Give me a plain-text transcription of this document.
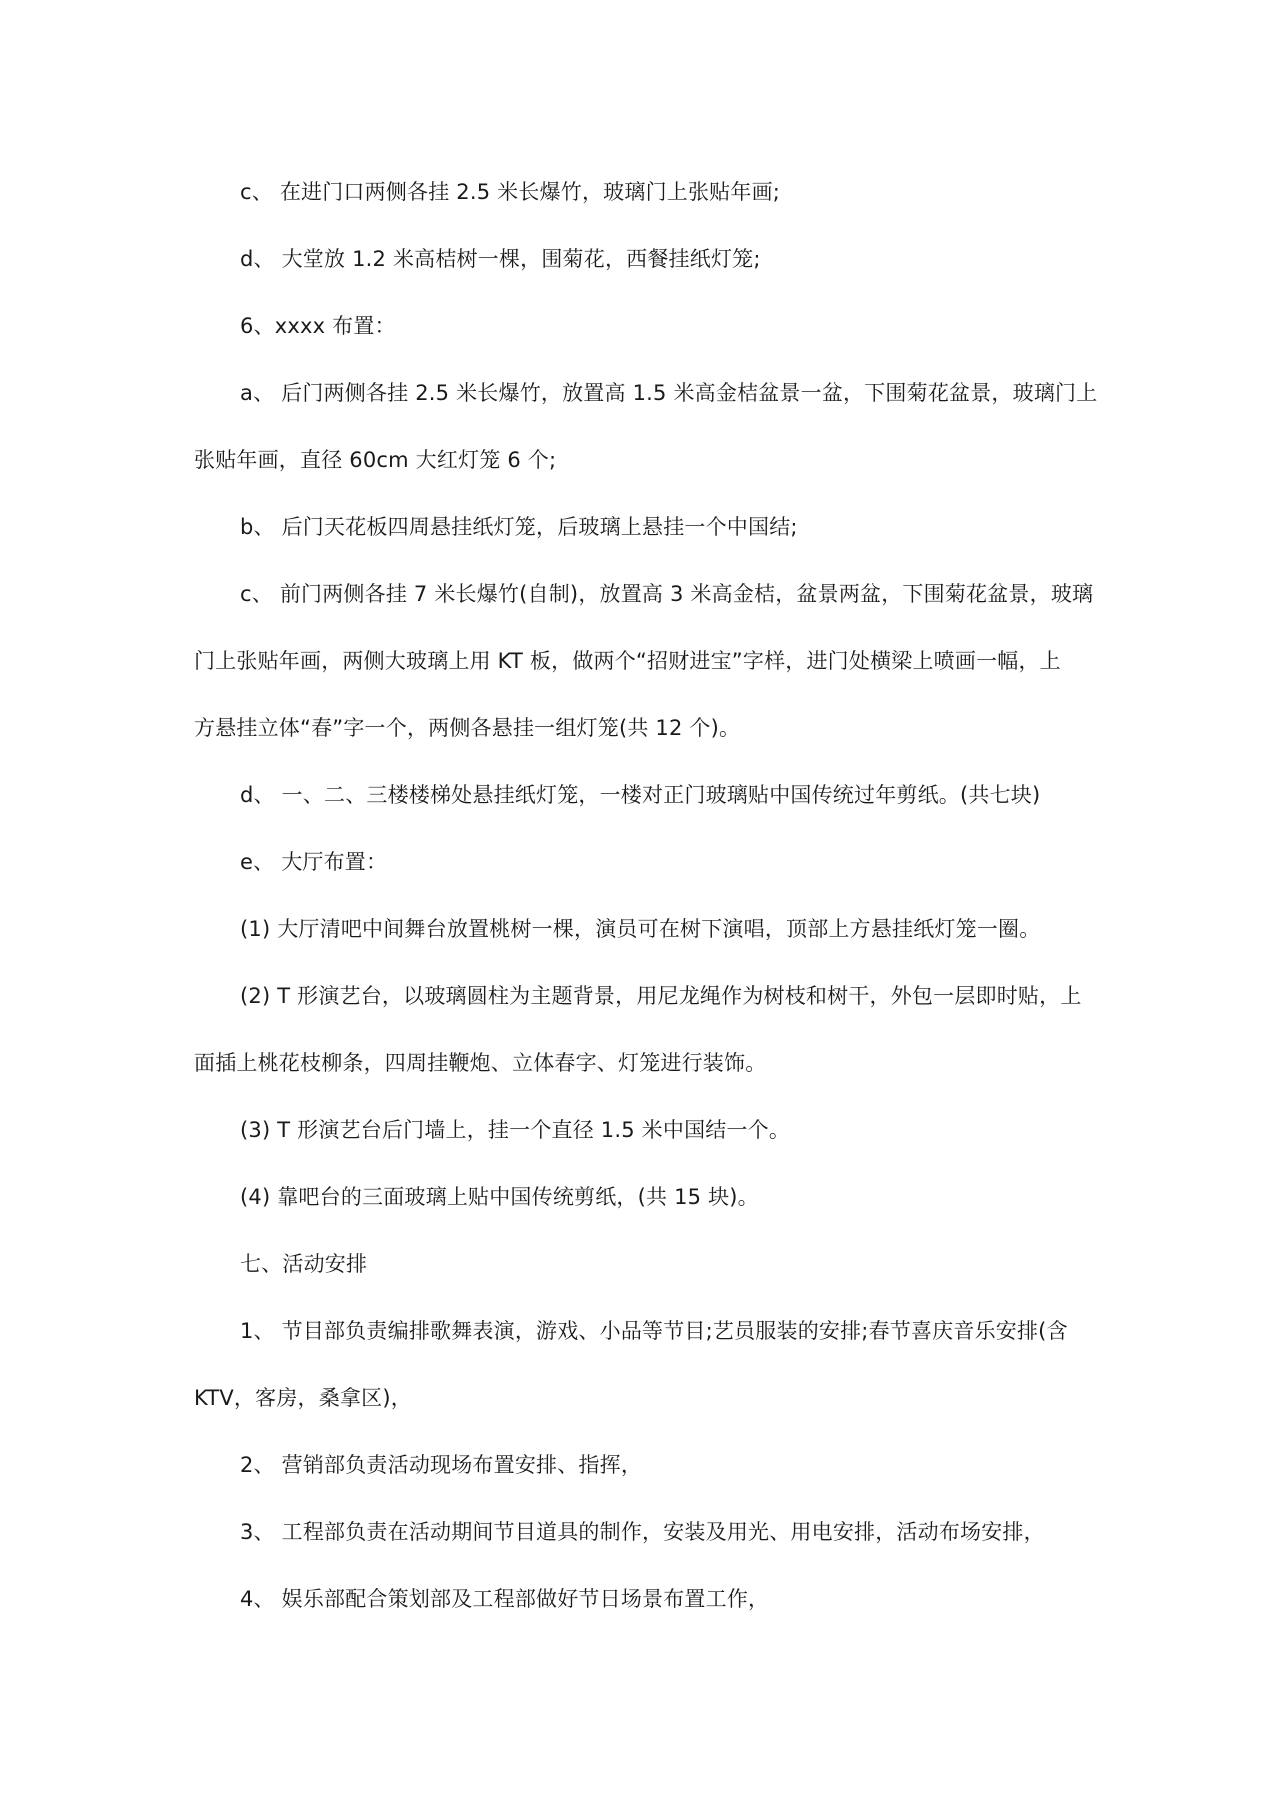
c、 在进门口两侧各挂 2.5 米长爆竹，玻璃门上张贴年画;
d、 大堂放 1.2 米高桔树一棵，围菊花，西餐挂纸灯笼;
6、xxxx 布置：
a、 后门两侧各挂 2.5 米长爆竹，放置高 1.5 米高金桔盆景一盆，下围菊花盆景，玻璃门上
张贴年画，直径 60cm 大红灯笼 6 个;
b、 后门天花板四周悬挂纸灯笼，后玻璃上悬挂一个中国结;
c、 前门两侧各挂 7 米长爆竹(自制)，放置高 3 米高金桔，盆景两盆，下围菊花盆景，玻璃
门上张贴年画，两侧大玻璃上用 KT 板，做两个“招财进宝”字样，进门处横梁上喷画一幅，上
方悬挂立体“春”字一个，两侧各悬挂一组灯笼(共 12 个)。
d、 一、二、三楼楼梯处悬挂纸灯笼，一楼对正门玻璃贴中国传统过年剪纸。(共七块)
e、 大厅布置：
(1) 大厅清吧中间舞台放置桃树一棵，演员可在树下演唱，顶部上方悬挂纸灯笼一圈。
(2) T 形演艺台，以玻璃圆柱为主题背景，用尼龙绳作为树枝和树干，外包一层即时贴，上
面插上桃花枝柳条，四周挂鞭炮、立体春字、灯笼进行装饰。
(3) T 形演艺台后门墙上，挂一个直径 1.5 米中国结一个。
(4) 靠吧台的三面玻璃上贴中国传统剪纸，(共 15 块)。
七、活动安排
1、 节目部负责编排歌舞表演，游戏、小品等节目;艺员服装的安排;春节喜庆音乐安排(含
KTV，客房，桑拿区)，
2、 营销部负责活动现场布置安排、指挥，
3、 工程部负责在活动期间节目道具的制作，安装及用光、用电安排，活动布场安排，
4、 娱乐部配合策划部及工程部做好节日场景布置工作，
